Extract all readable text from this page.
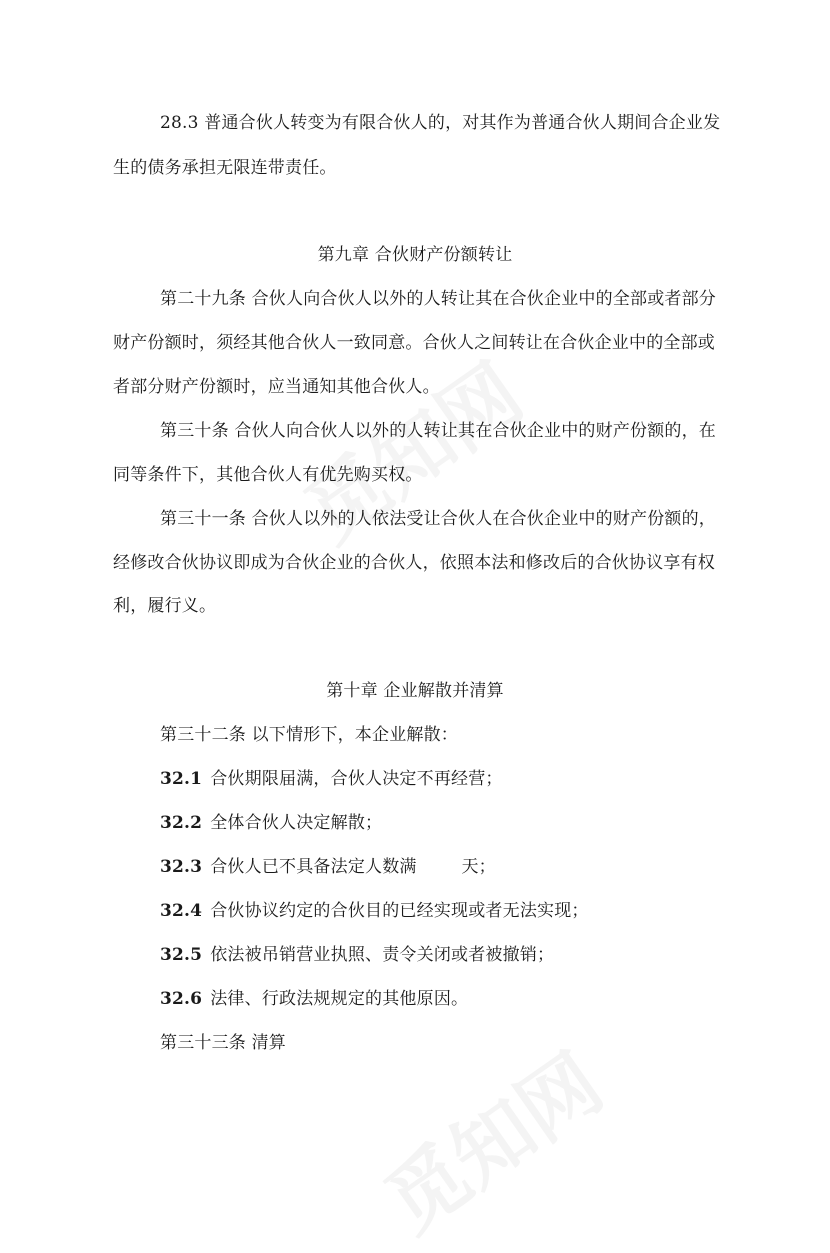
28.3 普通合伙人转变为有限合伙人的，对其作为普通合伙人期间合企业发
生的债务承担无限连带责任。
第九章 合伙财产份额转让
第二十九条 合伙人向合伙人以外的人转让其在合伙企业中的全部或者部分
财产份额时，须经其他合伙人一致同意。合伙人之间转让在合伙企业中的全部或
者部分财产份额时，应当通知其他合伙人。
第三十条 合伙人向合伙人以外的人转让其在合伙企业中的财产份额的，在
同等条件下，其他合伙人有优先购买权。
第三十一条 合伙人以外的人依法受让合伙人在合伙企业中的财产份额的，
经修改合伙协议即成为合伙企业的合伙人，依照本法和修改后的合伙协议享有权
利，履行义。
第十章 企业解散并清算
第三十二条 以下情形下，本企业解散：
32.1 合伙期限届满，合伙人决定不再经营；
32.2 全体合伙人决定解散；
32.3 合伙人已不具备法定人数满        天；
32.4 合伙协议约定的合伙目的已经实现或者无法实现；
32.5 依法被吊销营业执照、责令关闭或者被撤销；
32.6 法律、行政法规规定的其他原因。
第三十三条 清算
